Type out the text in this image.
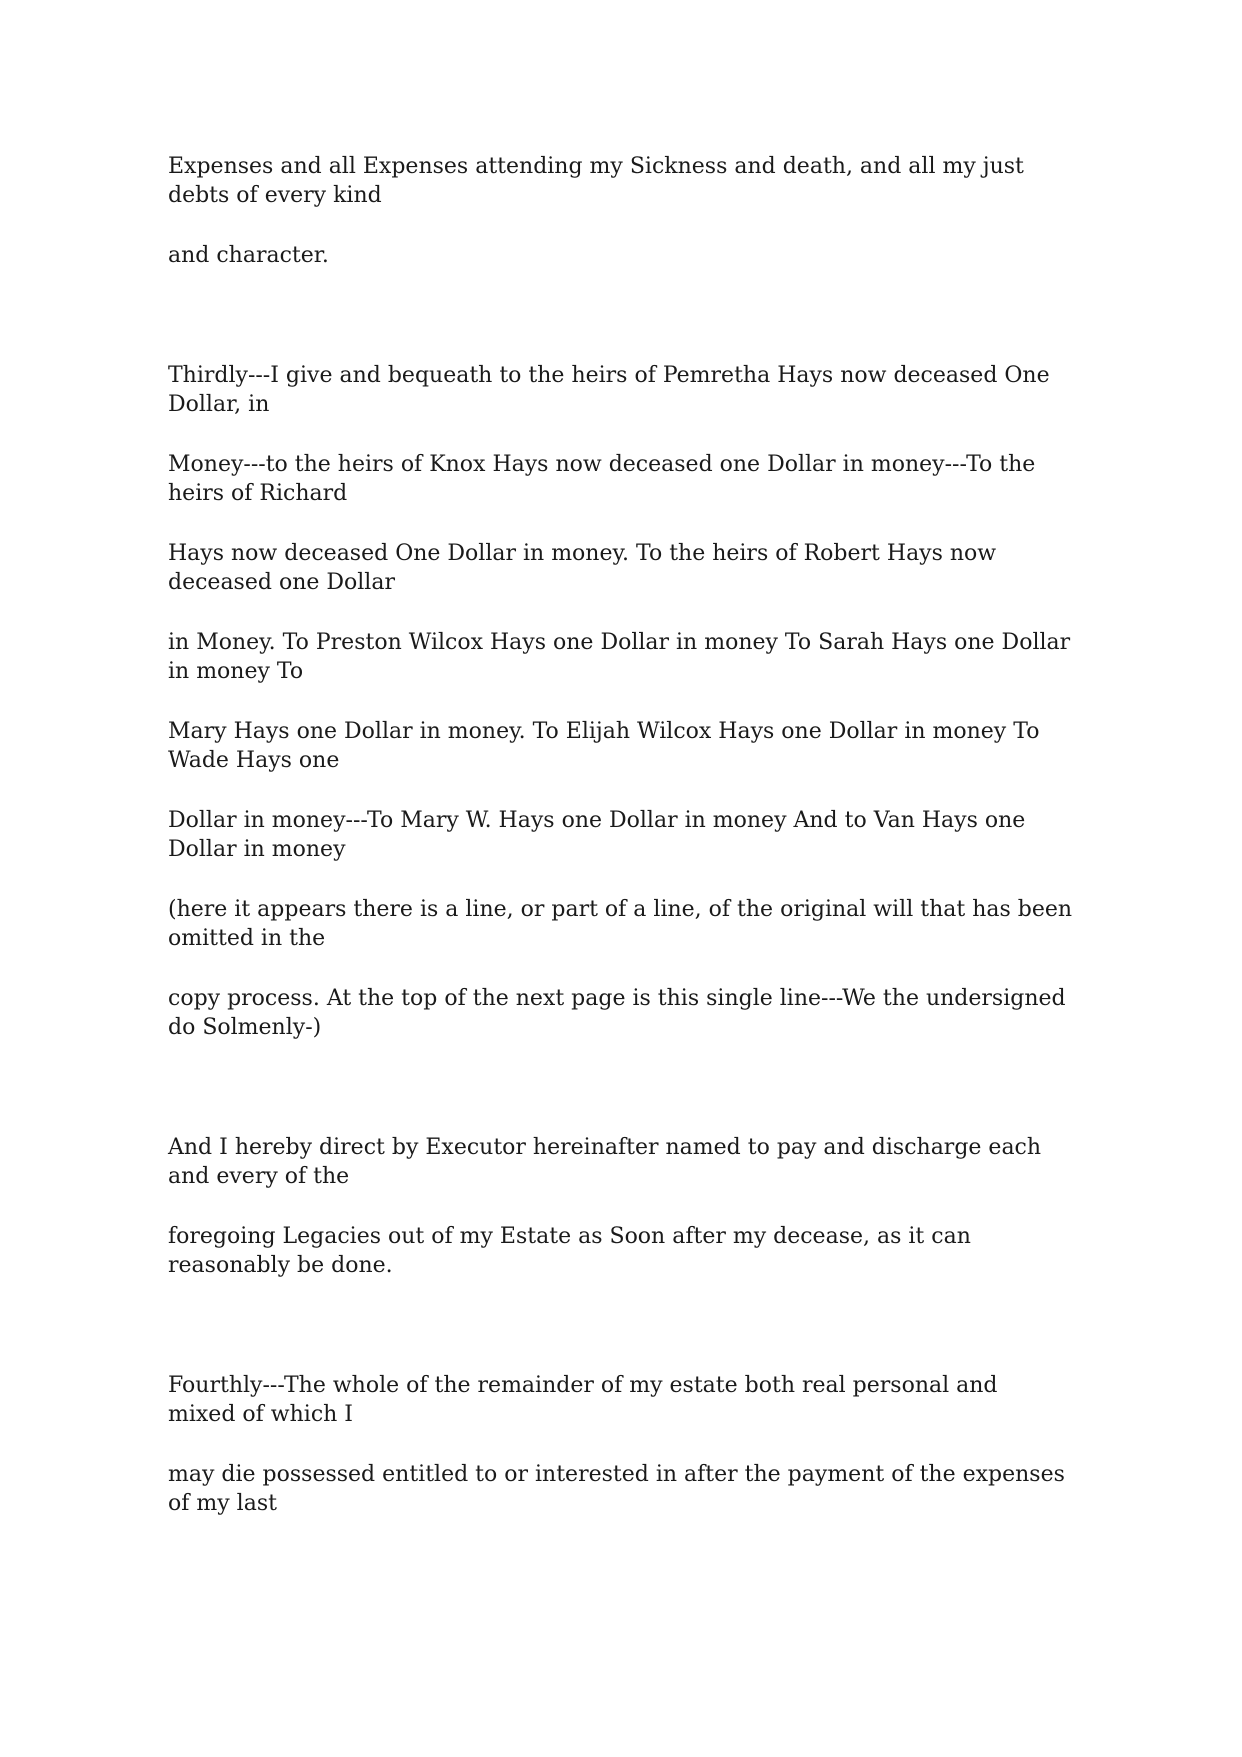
Expenses and all Expenses attending my Sickness and death, and all my just
debts of every kind
and character.
Thirdly---I give and bequeath to the heirs of Pemretha Hays now deceased One
Dollar, in
Money---to the heirs of Knox Hays now deceased one Dollar in money---To the
heirs of Richard
Hays now deceased One Dollar in money. To the heirs of Robert Hays now
deceased one Dollar
in Money. To Preston Wilcox Hays one Dollar in money To Sarah Hays one Dollar
in money To
Mary Hays one Dollar in money. To Elijah Wilcox Hays one Dollar in money To
Wade Hays one
Dollar in money---To Mary W. Hays one Dollar in money And to Van Hays one
Dollar in money
(here it appears there is a line, or part of a line, of the original will that has been
omitted in the
copy process. At the top of the next page is this single line---We the undersigned
do Solmenly-)
And I hereby direct by Executor hereinafter named to pay and discharge each
and every of the
foregoing Legacies out of my Estate as Soon after my decease, as it can
reasonably be done.
Fourthly---The whole of the remainder of my estate both real personal and
mixed of which I
may die possessed entitled to or interested in after the payment of the expenses
of my last
